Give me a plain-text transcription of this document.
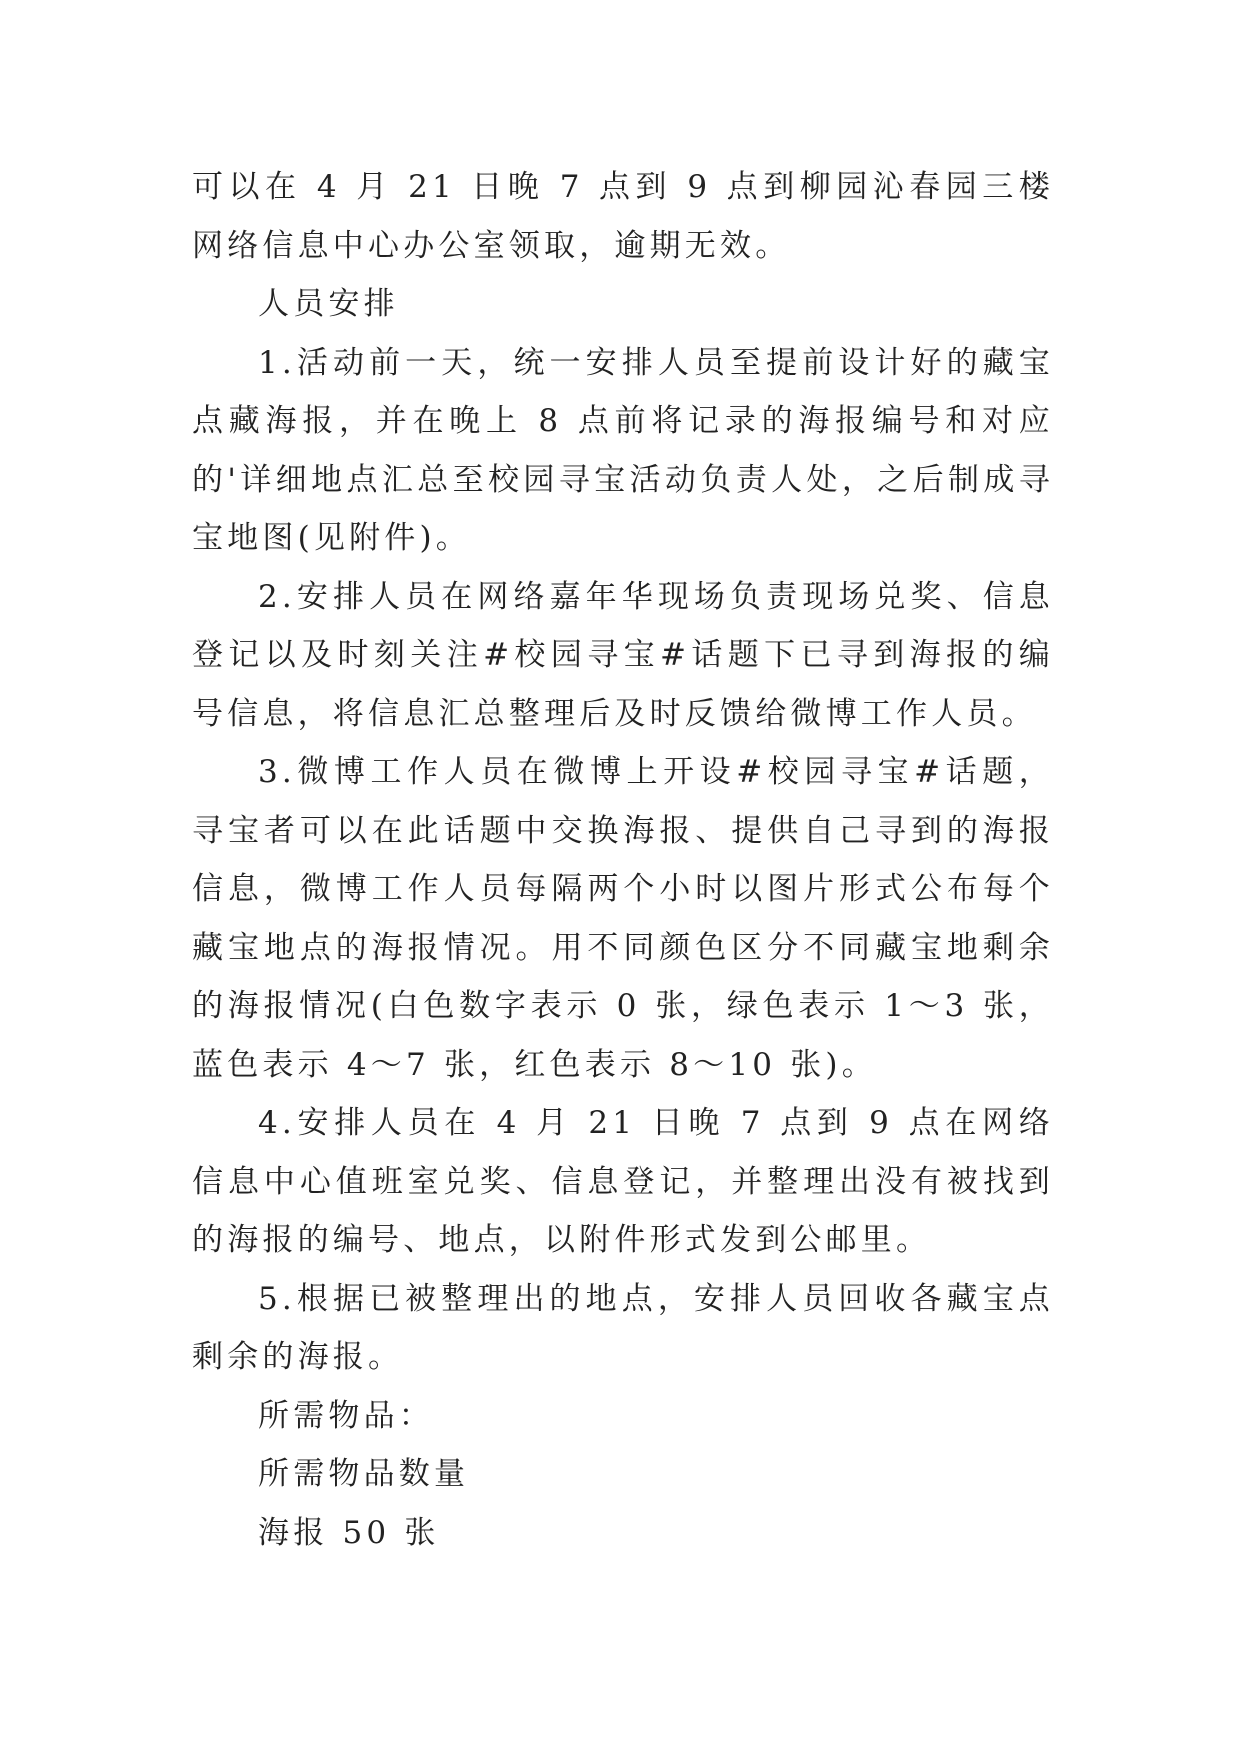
可以在 4 月 21 日晚 7 点到 9 点到柳园沁春园三楼网络信息中心办公室领取，逾期无效。

人员安排

1.活动前一天，统一安排人员至提前设计好的藏宝点藏海报，并在晚上 8 点前将记录的海报编号和对应的'详细地点汇总至校园寻宝活动负责人处，之后制成寻宝地图(见附件)。

2.安排人员在网络嘉年华现场负责现场兑奖、信息登记以及时刻关注#校园寻宝#话题下已寻到海报的编号信息，将信息汇总整理后及时反馈给微博工作人员。

3.微博工作人员在微博上开设#校园寻宝#话题，寻宝者可以在此话题中交换海报、提供自己寻到的海报信息，微博工作人员每隔两个小时以图片形式公布每个藏宝地点的海报情况。用不同颜色区分不同藏宝地剩余的海报情况(白色数字表示 0 张，绿色表示 1～3 张，蓝色表示 4～7 张，红色表示 8～10 张)。

4.安排人员在 4 月 21 日晚 7 点到 9 点在网络信息中心值班室兑奖、信息登记，并整理出没有被找到的海报的编号、地点，以附件形式发到公邮里。

5.根据已被整理出的地点，安排人员回收各藏宝点剩余的海报。

所需物品：

所需物品数量

海报 50 张
